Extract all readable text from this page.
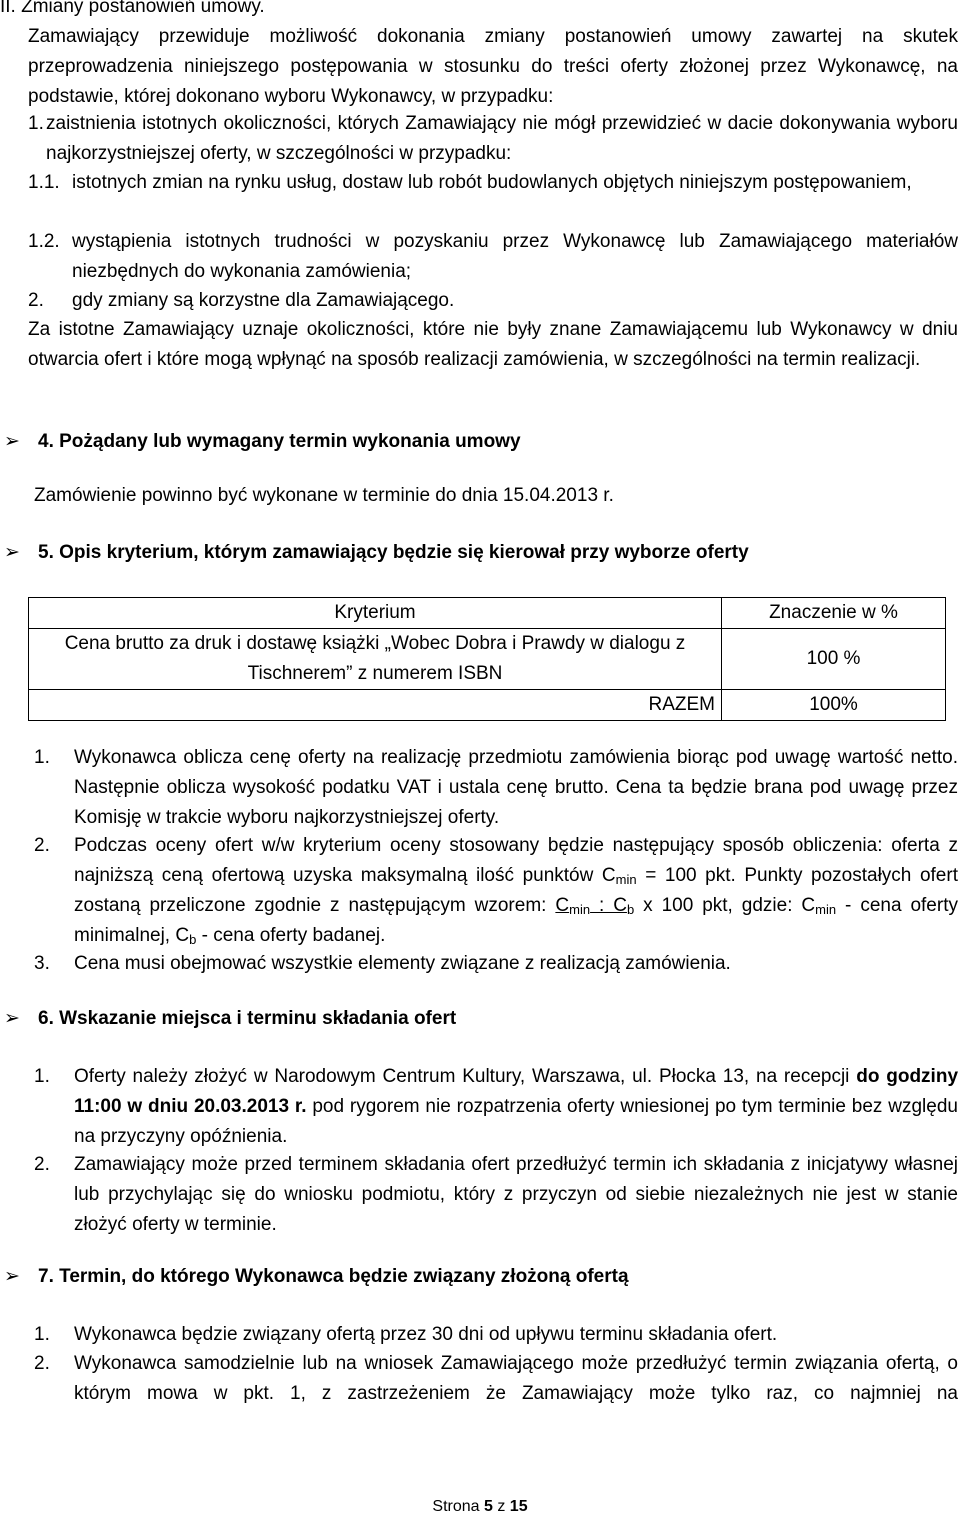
II. Zmiany postanowień umowy.

Zamawiający przewiduje możliwość dokonania zmiany postanowień umowy zawartej na skutek przeprowadzenia niniejszego postępowania w stosunku do treści oferty złożonej przez Wykonawcę, na podstawie, której dokonano wyboru Wykonawcy, w przypadku:

1. zaistnienia istotnych okoliczności, których Zamawiający nie mógł przewidzieć w dacie dokonywania wyboru najkorzystniejszej oferty, w szczególności w przypadku:

1.1. istotnych zmian na rynku usług, dostaw lub robót budowlanych objętych niniejszym postępowaniem,

1.2. wystąpienia istotnych trudności w pozyskaniu przez Wykonawcę lub Zamawiającego materiałów niezbędnych do wykonania zamówienia;

2. gdy zmiany są korzystne dla Zamawiającego.

Za istotne Zamawiający uznaje okoliczności, które nie były znane Zamawiającemu lub Wykonawcy w dniu otwarcia ofert i które mogą wpłynąć na sposób realizacji zamówienia, w szczególności na termin realizacji.

➢ 4. Pożądany lub wymagany termin wykonania umowy

Zamówienie powinno być wykonane w terminie do dnia 15.04.2013 r.

➢ 5. Opis kryterium, którym zamawiający będzie się kierował przy wyborze oferty

Kryterium	Znaczenie w %
Cena brutto za druk i dostawę książki „Wobec Dobra i Prawdy w dialogu z Tischnerem” z numerem ISBN	100 %
RAZEM	100%

1. Wykonawca oblicza cenę oferty na realizację przedmiotu zamówienia biorąc pod uwagę wartość netto. Następnie oblicza wysokość podatku VAT i ustala cenę brutto. Cena ta będzie brana pod uwagę przez Komisję w trakcie wyboru najkorzystniejszej oferty.

2. Podczas oceny ofert w/w kryterium oceny stosowany będzie następujący sposób obliczenia: oferta z najniższą ceną ofertową uzyska maksymalną ilość punktów $C_{min} = 100$ pkt. Punkty pozostałych ofert zostaną przeliczone zgodnie z następującym wzorem: $C_{min}$ : $C_b$ x 100 pkt, gdzie: $C_{min}$ - cena oferty minimalnej, $C_b$ - cena oferty badanej.

3. Cena musi obejmować wszystkie elementy związane z realizacją zamówienia.

➢ 6. Wskazanie miejsca i terminu składania ofert

1. Oferty należy złożyć w Narodowym Centrum Kultury, Warszawa, ul. Płocka 13, na recepcji do godziny 11:00 w dniu 20.03.2013 r. pod rygorem nie rozpatrzenia oferty wniesionej po tym terminie bez względu na przyczyny opóźnienia.

2. Zamawiający może przed terminem składania ofert przedłużyć termin ich składania z inicjatywy własnej lub przychylając się do wniosku podmiotu, który z przyczyn od siebie niezależnych nie jest w stanie złożyć oferty w terminie.

➢ 7. Termin, do którego Wykonawca będzie związany złożoną ofertą

1. Wykonawca będzie związany ofertą przez 30 dni od upływu terminu składania ofert.

2. Wykonawca samodzielnie lub na wniosek Zamawiającego może przedłużyć termin związania ofertą, o którym mowa w pkt. 1, z zastrzeżeniem że Zamawiający może tylko raz, co najmniej na

Strona 5 z 15
